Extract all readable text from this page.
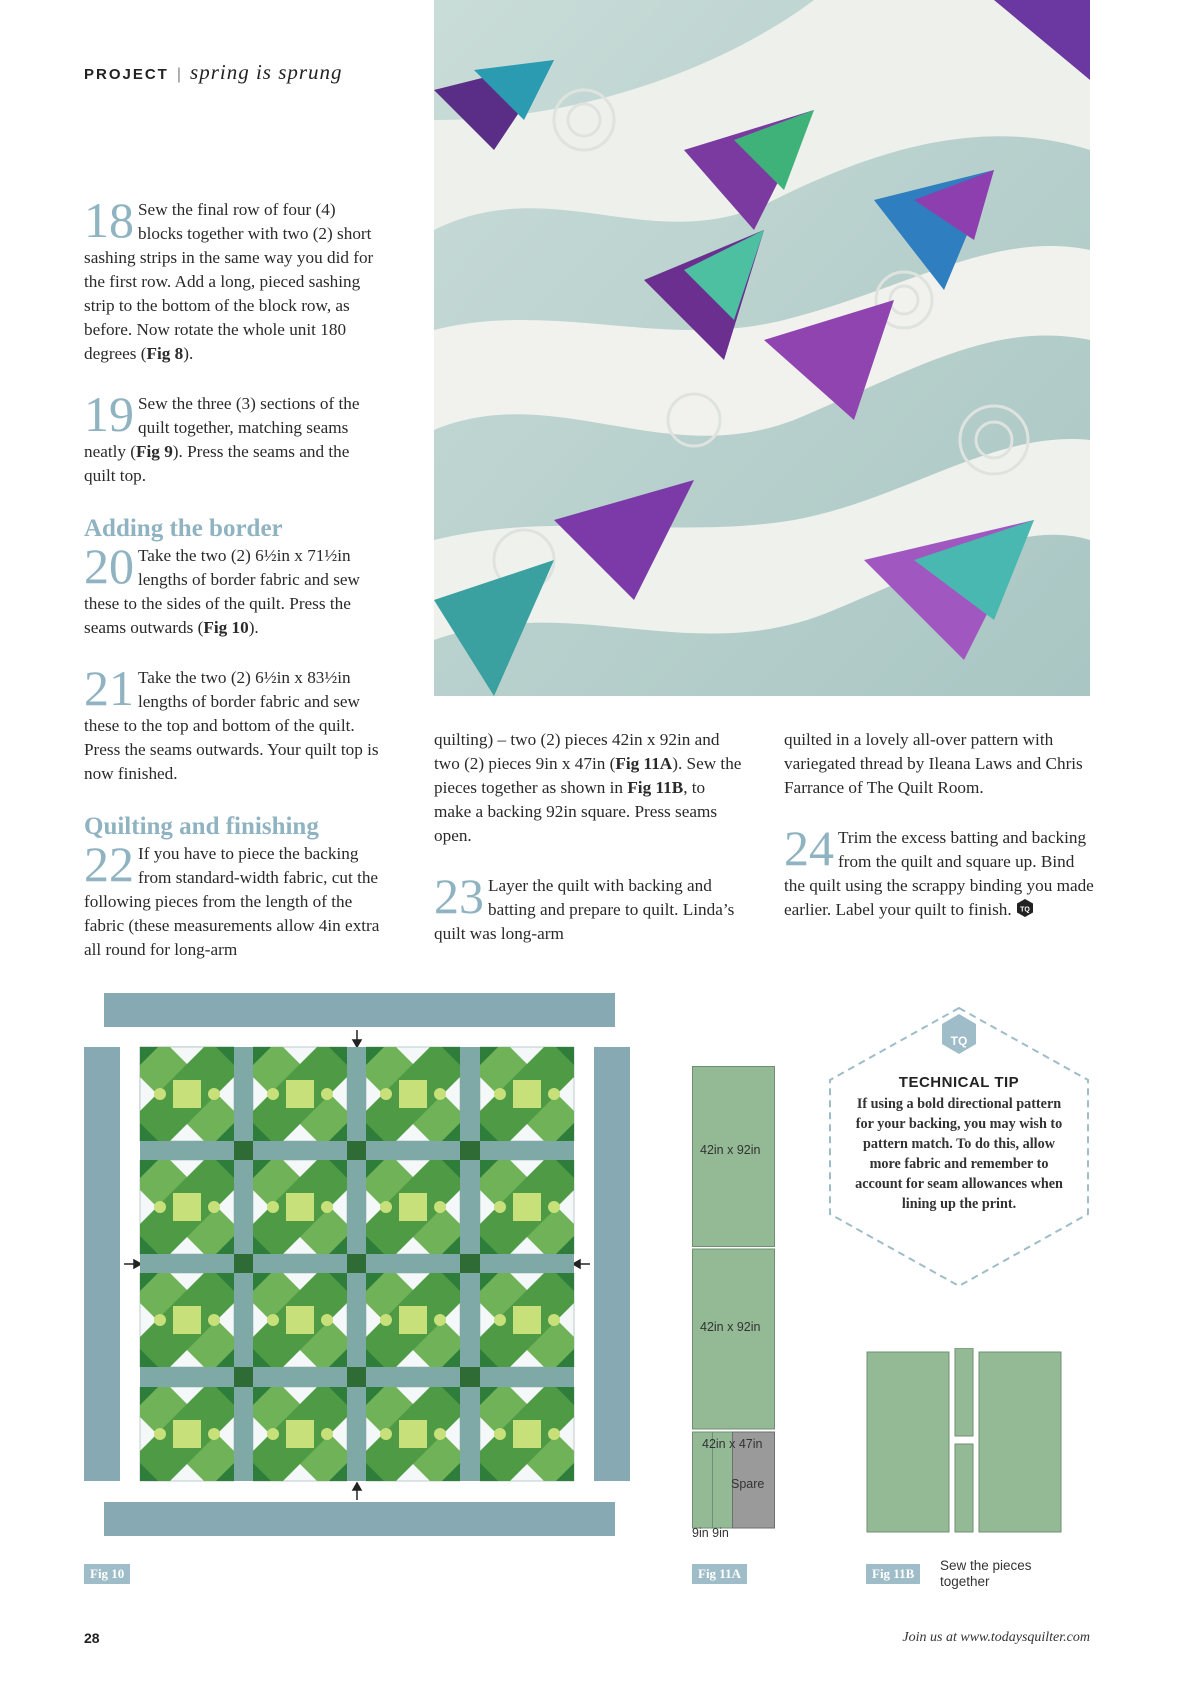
PROJECT | spring is sprung

18 Sew the final row of four (4) blocks together with two (2) short sashing strips in the same way you did for the first row. Add a long, pieced sashing strip to the bottom of the block row, as before. Now rotate the whole unit 180 degrees (Fig 8).

19 Sew the three (3) sections of the quilt together, matching seams neatly (Fig 9). Press the seams and the quilt top.

Adding the border

20 Take the two (2) 6½in x 71½in lengths of border fabric and sew these to the sides of the quilt. Press the seams outwards (Fig 10).

21 Take the two (2) 6½in x 83½in lengths of border fabric and sew these to the top and bottom of the quilt. Press the seams outwards. Your quilt top is now finished.

Quilting and finishing

22 If you have to piece the backing from standard-width fabric, cut the following pieces from the length of the fabric (these measurements allow 4in extra all round for long-arm

quilting) – two (2) pieces 42in x 92in and two (2) pieces 9in x 47in (Fig 11A). Sew the pieces together as shown in Fig 11B, to make a backing 92in square. Press seams open.

23 Layer the quilt with backing and batting and prepare to quilt. Linda’s quilt was long-arm

quilted in a lovely all-over pattern with variegated thread by Ileana Laws and Chris Farrance of The Quilt Room.

24 Trim the excess batting and backing from the quilt and square up. Bind the quilt using the scrappy binding you made earlier. Label your quilt to finish. TQ

Fig 10
42in x 92in
42in x 92in
42in x 47in
Spare
9in 9in
Fig 11A	Fig 11B
Sew the pieces
together
TQ
TECHNICAL TIP
If using a bold directional pattern for your backing, you may wish to pattern match. To do this, allow more fabric and remember to account for seam allowances when lining up the print.
28	Join us at www.todaysquilter.com
